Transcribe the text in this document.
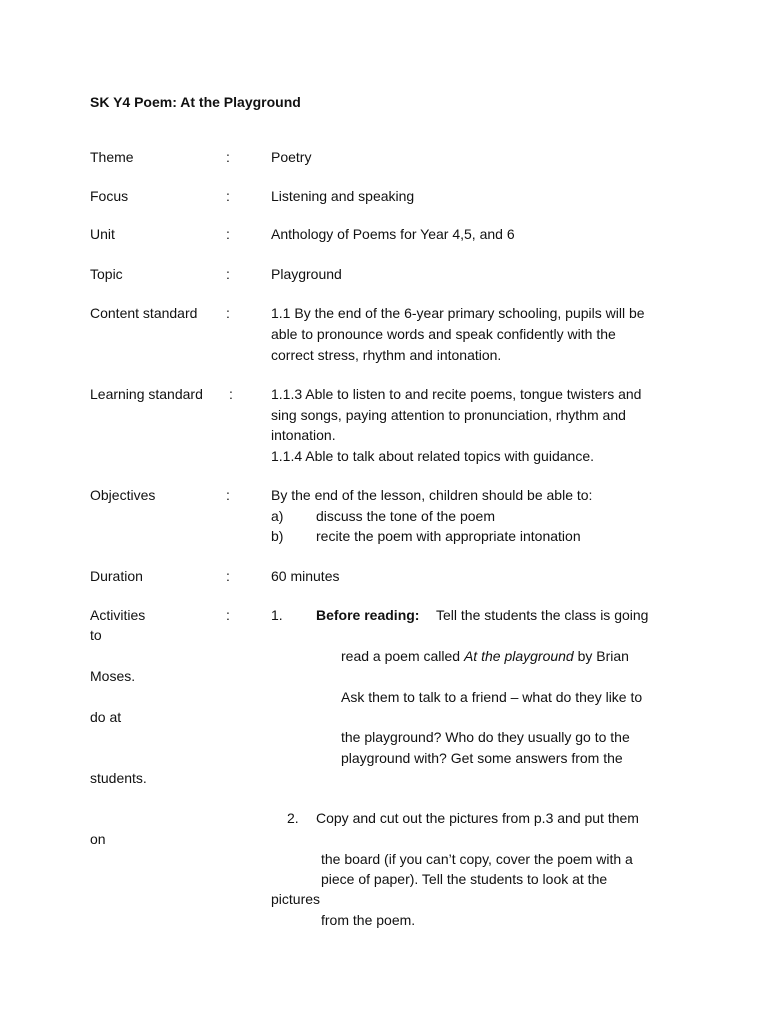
SK Y4 Poem: At the Playground
Theme	:	Poetry
Focus	:	Listening and speaking
Unit	:	Anthology of Poems for Year 4,5, and 6
Topic	:	Playground
Content standard :	1.1 By the end of the 6-year primary schooling, pupils will be
able to pronounce words and speak confidently with the
correct stress, rhythm and intonation.
Learning standard :	1.1.3 Able to listen to and recite poems, tongue twisters and
sing songs, paying attention to pronunciation, rhythm and
intonation.
1.1.4 Able to talk about related topics with guidance.
Objectives	:	By the end of the lesson, children should be able to:
a) discuss the tone of the poem
b) recite the poem with appropriate intonation
Duration	:	60 minutes
Activities	:	1. Before reading: Tell the students the class is going
to
read a poem called At the playground by Brian
Moses.
Ask them to talk to a friend – what do they like to
do at
the playground? Who do they usually go to the
playground with? Get some answers from the
students.
2. Copy and cut out the pictures from p.3 and put them
on
the board (if you can’t copy, cover the poem with a
piece of paper). Tell the students to look at the
pictures
from the poem.
